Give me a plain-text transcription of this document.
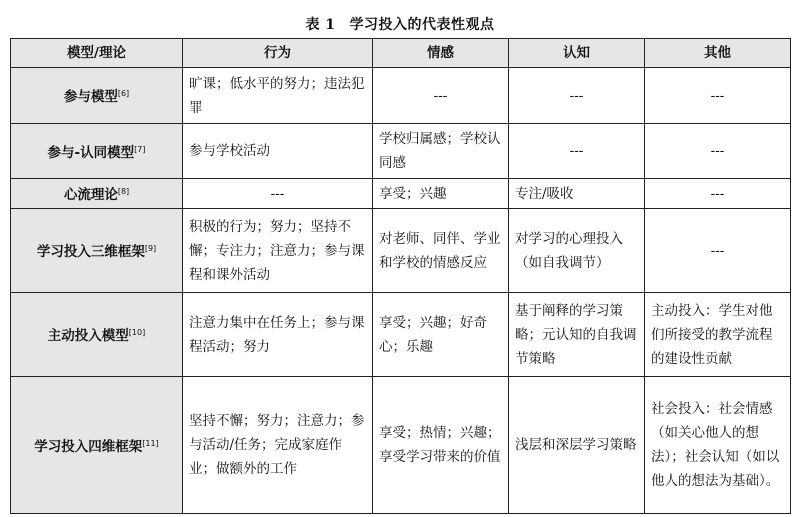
表 1 学习投入的代表性观点
模型/理论	行为	情感	认知	其他
参与模型[6]	旷课；低水平的努力；违法犯罪	---	---	---
参与-认同模型[7]	参与学校活动	学校归属感；学校认同感	---	---
心流理论[8]	---	享受；兴趣	专注/吸收	---
学习投入三维框架[9]	积极的行为；努力；坚持不懈；专注力；注意力；参与课程和课外活动	对老师、同伴、学业和学校的情感反应	对学习的心理投入（如自我调节）	---
主动投入模型[10]	注意力集中在任务上；参与课程活动；努力	享受；兴趣；好奇心；乐趣	基于阐释的学习策略；元认知的自我调节策略	主动投入：学生对他们所接受的教学流程的建设性贡献
学习投入四维框架[11]	坚持不懈；努力；注意力；参与活动/任务；完成家庭作业；做额外的工作	享受；热情；兴趣；享受学习带来的价值	浅层和深层学习策略	社会投入：社会情感（如关心他人的想法）；社会认知（如以他人的想法为基础）。
